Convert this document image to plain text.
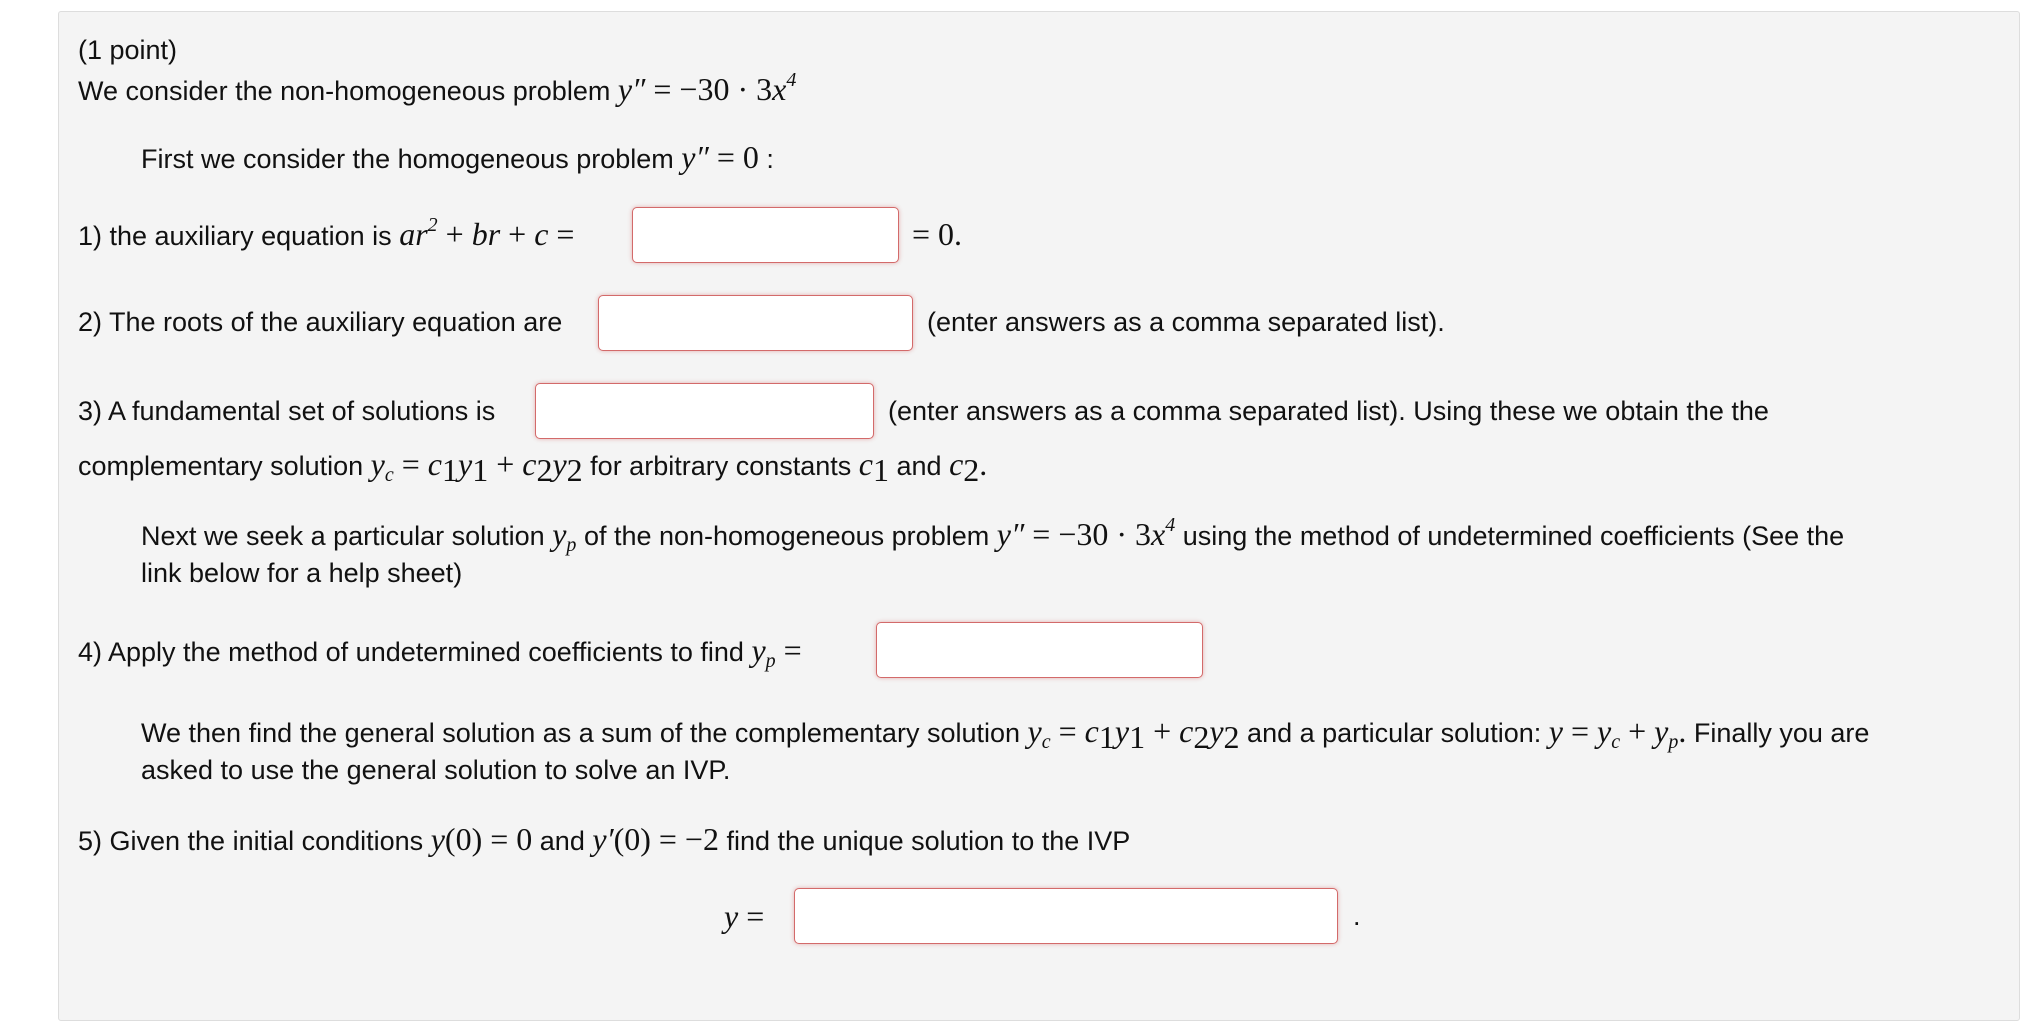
(1 point)
We consider the non-homogeneous problem $y'' = -30 \cdot 3x^4$
First we consider the homogeneous problem y″ = 0 :
1) the auxiliary equation is $ar^2$ + br + c =	= 0.
2) The roots of the auxiliary equation are	(enter answers as a comma separated list).
3) A fundamental set of solutions is	(enter answers as a comma separated list). Using these we obtain the the
complementary solution $y_c = c_1y_1 + c_2y_2$ for arbitrary constants $c_1$ and $c_2$.
Next we seek a particular solution $y_p$ of the non-homogeneous problem $y'' = -30 \cdot 3x^4$ using the method of undetermined coefficients (See the
link below for a help sheet)
4) Apply the method of undetermined coefficients to find $y_p$ =
We then find the general solution as a sum of the complementary solution $y_c = c_1y_1 + c_2y_2$ and a particular solution: $y = y_c + y_p$. Finally you are
asked to use the general solution to solve an IVP.
5) Given the initial conditions y(0) = 0 and y′(0) = −2 find the unique solution to the IVP
y =	.
